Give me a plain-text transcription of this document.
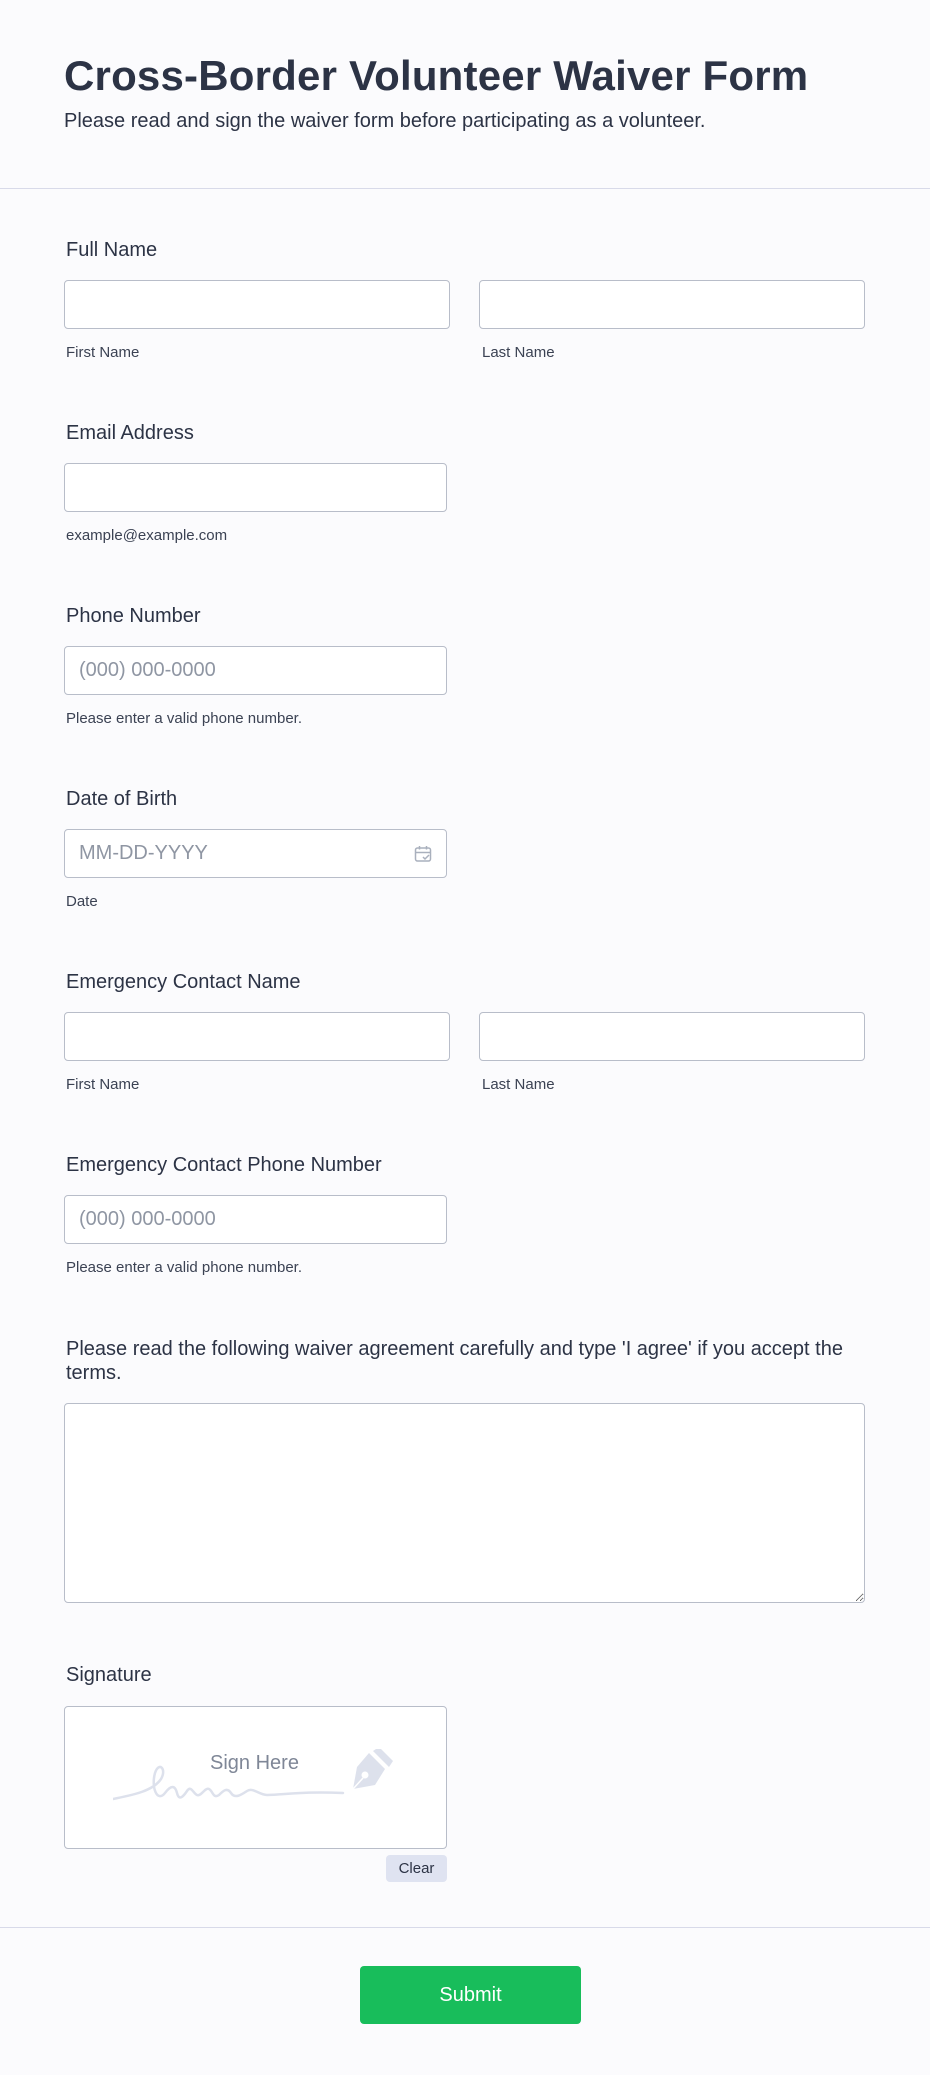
Cross-Border Volunteer Waiver Form
Please read and sign the waiver form before participating as a volunteer.
Full Name
First Name	Last Name
Email Address
example@example.com
Phone Number
(000) 000-0000
Please enter a valid phone number.
Date of Birth
MM-DD-YYYY
Date
Emergency Contact Name
First Name	Last Name
Emergency Contact Phone Number
(000) 000-0000
Please enter a valid phone number.
Please read the following waiver agreement carefully and type 'I agree' if you accept the terms.
Signature
Sign Here
Clear
Submit
